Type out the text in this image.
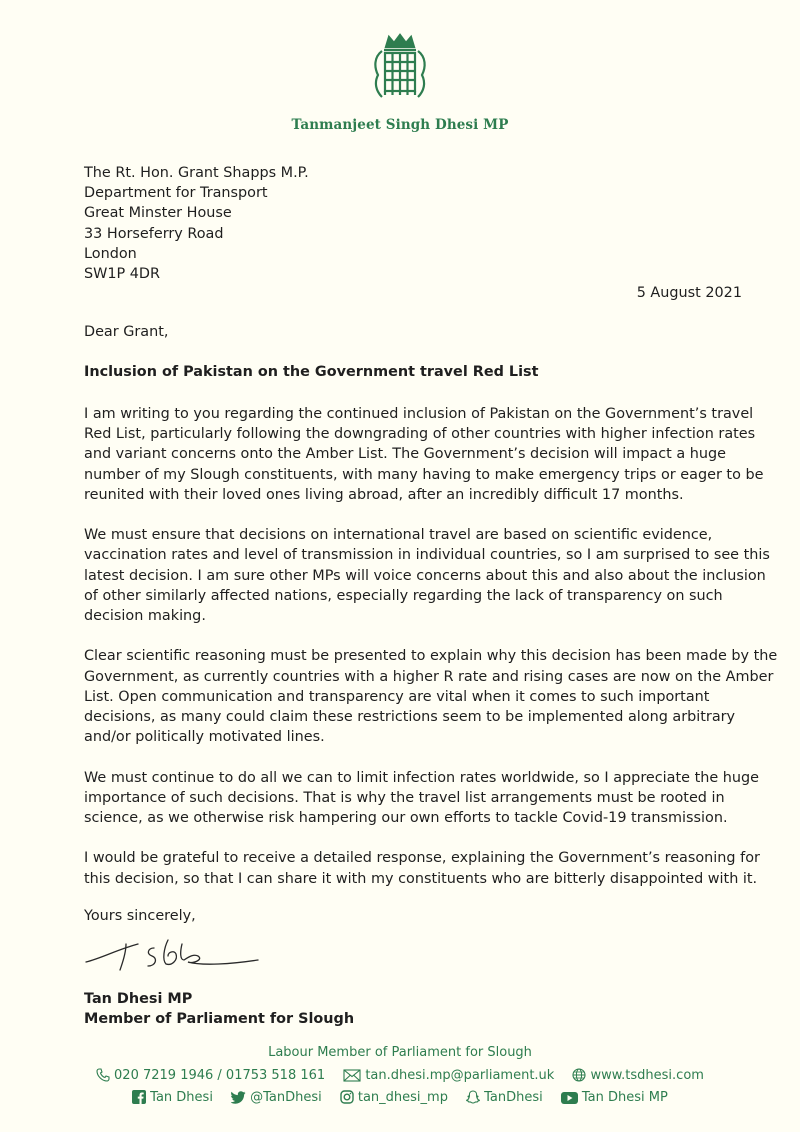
Tanmanjeet Singh Dhesi MP
The Rt. Hon. Grant Shapps M.P.
Department for Transport
Great Minster House
33 Horseferry Road
London
SW1P 4DR
5 August 2021
Dear Grant,
Inclusion of Pakistan on the Government travel Red List

I am writing to you regarding the continued inclusion of Pakistan on the Government’s travel
Red List, particularly following the downgrading of other countries with higher infection rates
and variant concerns onto the Amber List. The Government’s decision will impact a huge
number of my Slough constituents, with many having to make emergency trips or eager to be
reunited with their loved ones living abroad, after an incredibly difficult 17 months.

We must ensure that decisions on international travel are based on scientific evidence,
vaccination rates and level of transmission in individual countries, so I am surprised to see this
latest decision. I am sure other MPs will voice concerns about this and also about the inclusion
of other similarly affected nations, especially regarding the lack of transparency on such
decision making.

Clear scientific reasoning must be presented to explain why this decision has been made by the
Government, as currently countries with a higher R rate and rising cases are now on the Amber
List. Open communication and transparency are vital when it comes to such important
decisions, as many could claim these restrictions seem to be implemented along arbitrary
and/or politically motivated lines.

We must continue to do all we can to limit infection rates worldwide, so I appreciate the huge
importance of such decisions. That is why the travel list arrangements must be rooted in
science, as we otherwise risk hampering our own efforts to tackle Covid-19 transmission.

I would be grateful to receive a detailed response, explaining the Government’s reasoning for
this decision, so that I can share it with my constituents who are bitterly disappointed with it.

Yours sincerely,
Tan Dhesi MP
Member of Parliament for Slough
Labour Member of Parliament for Slough
020 7219 1946 / 01753 518 161	tan.dhesi.mp@parliament.uk	www.tsdhesi.com
Tan Dhesi	@TanDhesi	tan_dhesi_mp	TanDhesi	Tan Dhesi MP
